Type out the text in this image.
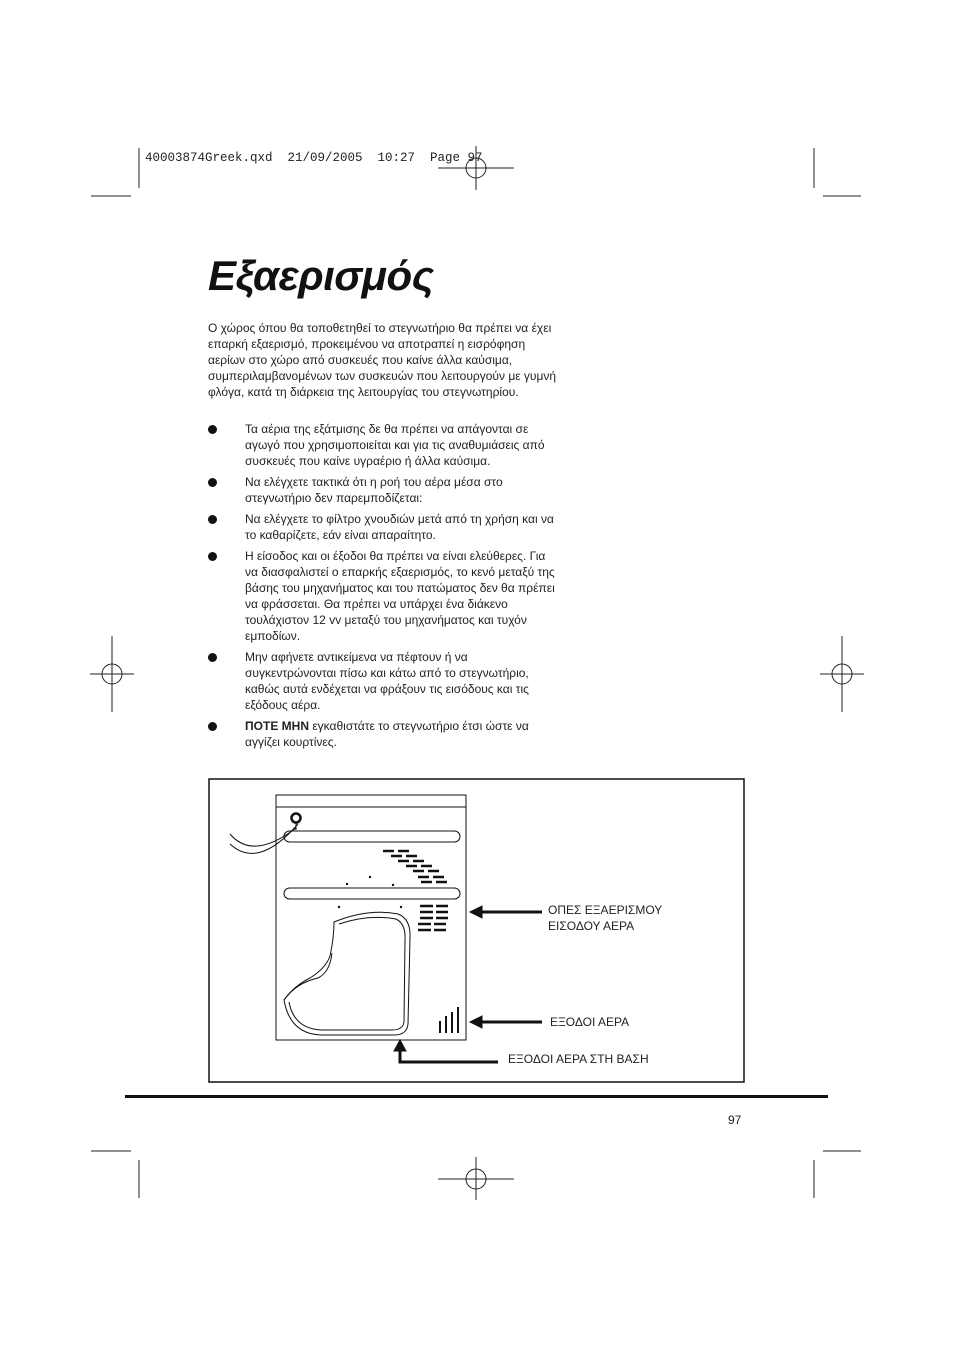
40003874Greek.qxd  21/09/2005  10:27  Page 97
Εξαερισμός

Ο χώρος όπου θα τοποθετηθεί το στεγνωτήριο θα πρέπει να έχει επαρκή εξαερισμό, προκειμένου να αποτραπεί η εισρόφηση αερίων στο χώρο από συσκευές που καίνε άλλα καύσιμα, συμπεριλαμβανομένων των συσκευών που λειτουργούν με γυμνή φλόγα, κατά τη διάρκεια της λειτουργίας του στεγνωτηρίου.

Τα αέρια της εξάτμισης δε θα πρέπει να απάγονται σε αγωγό που χρησιμοποιείται και για τις αναθυμιάσεις από συσκευές που καίνε υγραέριο ή άλλα καύσιμα.
Να ελέγχετε τακτικά ότι η ροή του αέρα μέσα στο στεγνωτήριο δεν παρεμποδίζεται:
Να ελέγχετε το φίλτρο χνουδιών μετά από τη χρήση και να το καθαρίζετε, εάν είναι απαραίτητο.
Η είσοδος και οι έξοδοι θα πρέπει να είναι ελεύθερες. Για να διασφαλιστεί ο επαρκής εξαερισμός, το κενό μεταξύ της βάσης του μηχανήματος και του πατώματος δεν θα πρέπει να φράσσεται. Θα πρέπει να υπάρχει ένα διάκενο τουλάχιστον 12 vv μεταξύ του μηχανήματος και τυχόν εμποδίων.
Μην αφήνετε αντικείμενα να πέφτουν ή να συγκεντρώνονται πίσω και κάτω από το στεγνωτήριο, καθώς αυτά ενδέχεται να φράξουν τις εισόδους και τις εξόδους αέρα.
ΠΟΤΕ ΜΗΝ εγκαθιστάτε το στεγνωτήριο έτσι ώστε να αγγίζει κουρτίνες.
ΟΠΕΣ ΕΞΑΕΡΙΣΜΟΥ
ΕΙΣΟΔΟΥ ΑΕΡΑ
ΕΞΟΔΟΙ ΑΕΡΑ
ΕΞΟΔΟΙ ΑΕΡΑ ΣΤΗ ΒΑΣΗ
97
